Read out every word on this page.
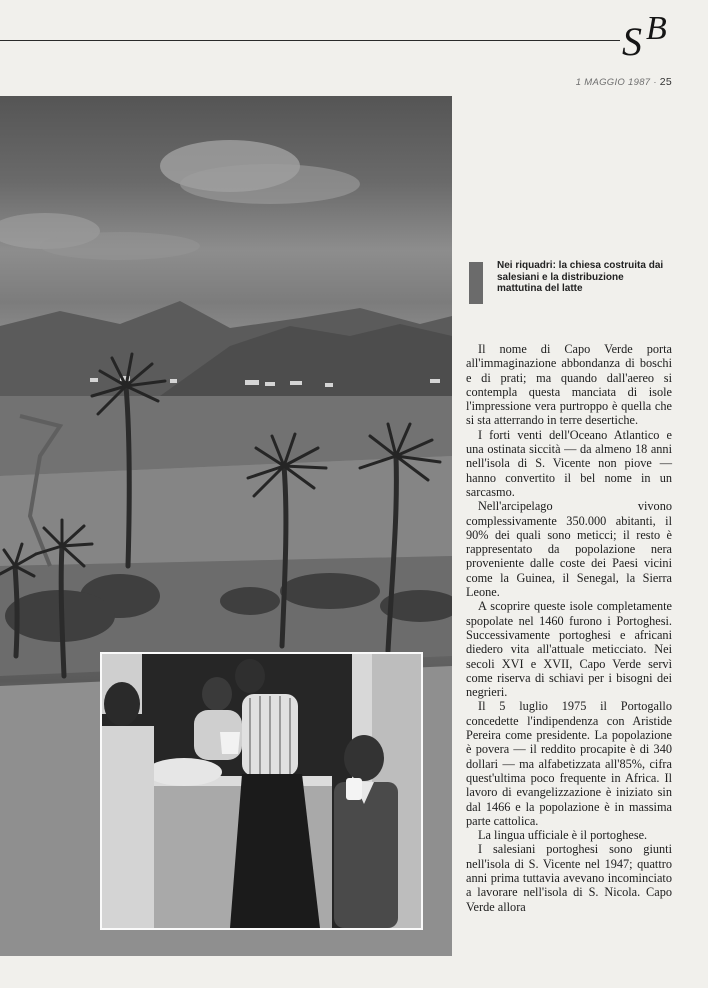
S B
1 MAGGIO 1987 · 25
Nei riquadri: la chiesa costruita dai salesiani e la distribuzione mattutina del latte

Il nome di Capo Verde porta all'immaginazione abbondanza di boschi e di prati; ma quando dall'aereo si contempla questa manciata di isole l'impressione vera purtroppo è quella che si sta atterrando in terre desertiche.

I forti venti dell'Oceano Atlantico e una ostinata siccità — da almeno 18 anni nell'isola di S. Vicente non piove — hanno convertito il bel nome in un sarcasmo.

Nell'arcipelago vivono complessivamente 350.000 abitanti, il 90% dei quali sono meticci; il resto è rappresentato da popolazione nera proveniente dalle coste dei Paesi vicini come la Guinea, il Senegal, la Sierra Leone.

A scoprire queste isole completamente spopolate nel 1460 furono i Portoghesi. Successivamente portoghesi e africani diedero vita all'attuale meticciato. Nei secoli XVI e XVII, Capo Verde servì come riserva di schiavi per i bisogni dei negrieri.

Il 5 luglio 1975 il Portogallo concedette l'indipendenza con Aristide Pereira come presidente. La popolazione è povera — il reddito procapite è di 340 dollari — ma alfabetizzata all'85%, cifra quest'ultima poco frequente in Africa. Il lavoro di evangelizzazione è iniziato sin dal 1466 e la popolazione è in massima parte cattolica.

La lingua ufficiale è il portoghese.

I salesiani portoghesi sono giunti nell'isola di S. Vicente nel 1947; quattro anni prima tuttavia avevano incominciato a lavorare nell'isola di S. Nicola. Capo Verde allora
